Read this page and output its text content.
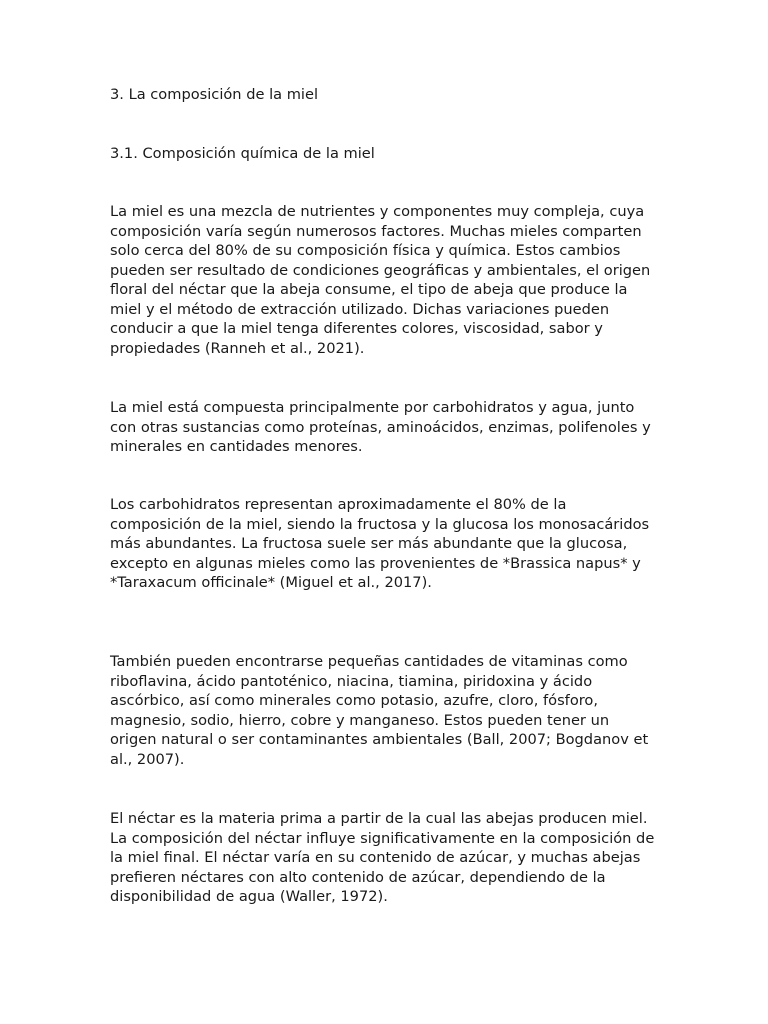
3. La composición de la miel

3.1. Composición química de la miel

La miel es una mezcla de nutrientes y componentes muy compleja, cuya composición varía según numerosos factores. Muchas mieles comparten solo cerca del 80% de su composición física y química. Estos cambios pueden ser resultado de condiciones geográficas y ambientales, el origen floral del néctar que la abeja consume, el tipo de abeja que produce la miel y el método de extracción utilizado. Dichas variaciones pueden conducir a que la miel tenga diferentes colores, viscosidad, sabor y propiedades (Ranneh et al., 2021).

La miel está compuesta principalmente por carbohidratos y agua, junto con otras sustancias como proteínas, aminoácidos, enzimas, polifenoles y minerales en cantidades menores.

Los carbohidratos representan aproximadamente el 80% de la composición de la miel, siendo la fructosa y la glucosa los monosacáridos más abundantes. La fructosa suele ser más abundante que la glucosa, excepto en algunas mieles como las provenientes de *Brassica napus* y *Taraxacum officinale* (Miguel et al., 2017).

También pueden encontrarse pequeñas cantidades de vitaminas como riboflavina, ácido pantoténico, niacina, tiamina, piridoxina y ácido ascórbico, así como minerales como potasio, azufre, cloro, fósforo, magnesio, sodio, hierro, cobre y manganeso. Estos pueden tener un origen natural o ser contaminantes ambientales (Ball, 2007; Bogdanov et al., 2007).

El néctar es la materia prima a partir de la cual las abejas producen miel. La composición del néctar influye significativamente en la composición de la miel final. El néctar varía en su contenido de azúcar, y muchas abejas prefieren néctares con alto contenido de azúcar, dependiendo de la disponibilidad de agua (Waller, 1972).
